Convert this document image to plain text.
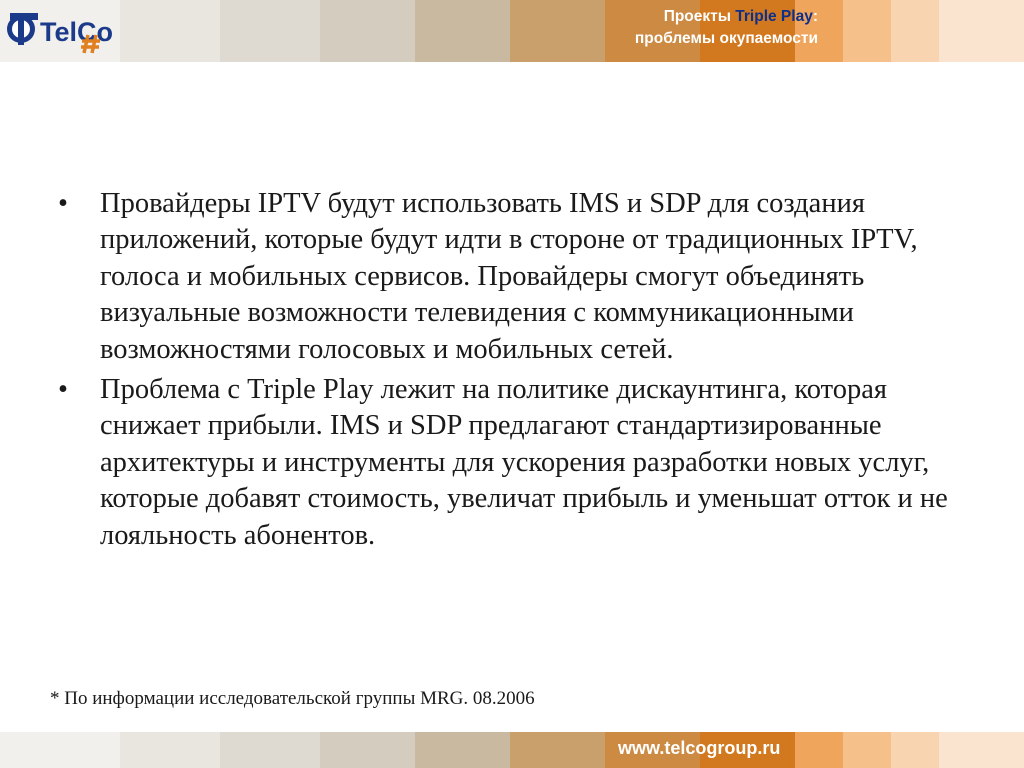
TelCo
Проекты Triple Play:
проблемы окупаемости
• Провайдеры IPTV будут использовать IMS и SDP для создания приложений, которые будут идти в стороне от традиционных IPTV, голоса и мобильных сервисов. Провайдеры смогут объединять визуальные возможности телевидения с коммуникационными возможностями голосовых и мобильных сетей.
• Проблема с Triple Play лежит на политике дискаунтинга, которая снижает прибыли. IMS и SDP предлагают стандартизированные архитектуры и инструменты для ускорения разработки новых услуг, которые добавят стоимость, увеличат прибыль и уменьшат отток и не лояльность абонентов.
* По информации исследовательской группы MRG. 08.2006
www.telcogroup.ru
